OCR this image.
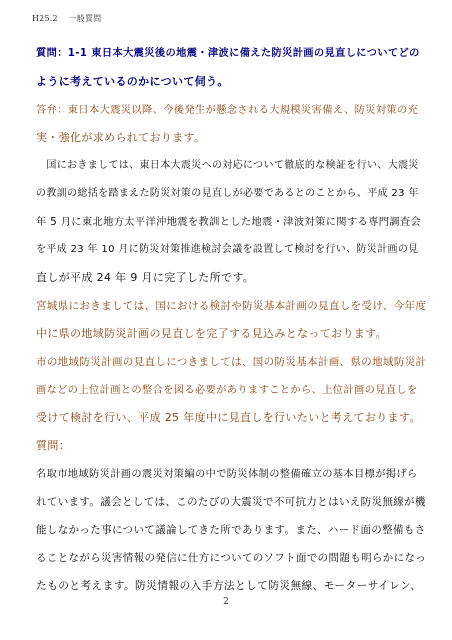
H25.2 一般質問
質問：1-1 東日本大震災後の地震・津波に備えた防災計画の見直しについてどの
ように考えているのかについて伺う。
答弁：東日本大震災以降、今後発生が懸念される大規模災害備え、防災対策の充
実・強化が求められております。
　国におきましては、東日本大震災への対応について徹底的な検証を行い、大震災
の教訓の総括を踏まえた防災対策の見直しが必要であるとのことから、平成 23 年
年 5 月に東北地方太平洋沖地震を教訓とした地震・津波対策に関する専門調査会
を平成 23 年 10 月に防災対策推進検討会議を設置して検討を行い、防災計画の見
直しが平成 24 年 9 月に完了した所です。
宮城県におきましては、国における検討や防災基本計画の見直しを受け、今年度
中に県の地域防災計画の見直しを完了する見込みとなっております。
市の地域防災計画の見直しにつきましては、国の防災基本計画、県の地域防災計
画などの上位計画との整合を図る必要がありますことから、上位計画の見直しを
受けて検討を行い、平成 25 年度中に見直しを行いたいと考えております。
質問：
名取市地域防災計画の震災対策編の中で防災体制の整備確立の基本目標が掲げら
れています。議会としては、このたびの大震災で不可抗力とはいえ防災無線が機
能しなかった事について議論してきた所であります。また、ハード面の整備もさ
ることながら災害情報の発信に仕方についてのソフト面での問題も明らかになっ
たものと考えます。防災情報の入手方法として防災無線、モーターサイレン、
2
